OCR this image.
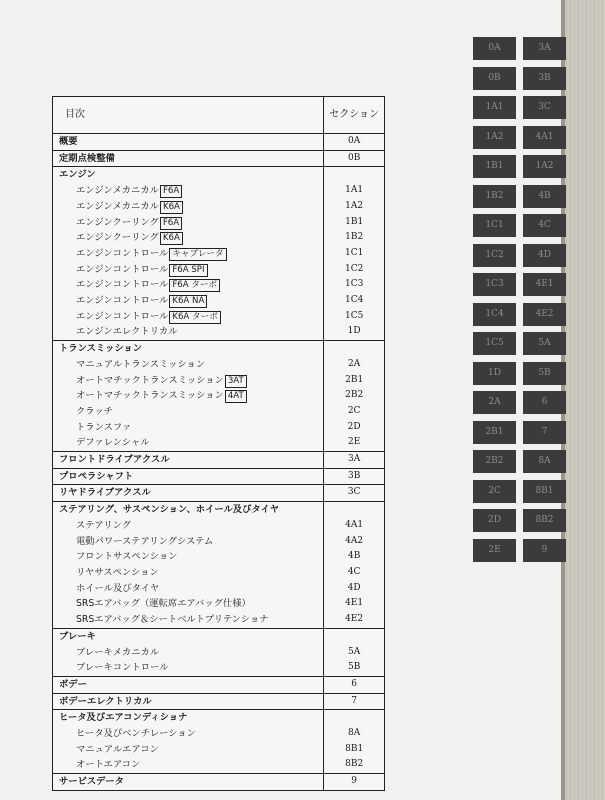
目次	セクション
概要	0A
定期点検整備	0B
エンジン	
エンジンメカニカル F6A	1A1
エンジンメカニカル K6A	1A2
エンジンクーリング F6A	1B1
エンジンクーリング K6A	1B2
エンジンコントロール キャブレータ	1C1
エンジンコントロール F6A SPI	1C2
エンジンコントロール F6A ターボ	1C3
エンジンコントロール K6A NA	1C4
エンジンコントロール K6A ターボ	1C5
エンジンエレクトリカル	1D
トランスミッション	
マニュアルトランスミッション	2A
オートマチックトランスミッション 3AT	2B1
オートマチックトランスミッション 4AT	2B2
クラッチ	2C
トランスファ	2D
デファレンシャル	2E
フロントドライブアクスル	3A
プロペラシャフト	3B
リヤドライブアクスル	3C
ステアリング、サスペンション、ホイール及びタイヤ	
ステアリング	4A1
電動パワーステアリングシステム	4A2
フロントサスペンション	4B
リヤサスペンション	4C
ホイール及びタイヤ	4D
SRSエアバッグ（運転席エアバッグ仕様）	4E1
SRSエアバッグ＆シートベルトプリテンショナ	4E2
ブレーキ	
ブレーキメカニカル	5A
ブレーキコントロール	5B
ボデー	6
ボデーエレクトリカル	7
ヒータ及びエアコンディショナ	
ヒータ及びベンチレーション	8A
マニュアルエアコン	8B1
オートエアコン	8B2
サービスデータ	9
0A	3A
0B	3B
1A1	3C
1A2	4A1
1B1	1A2
1B2	4B
1C1	4C
1C2	4D
1C3	4E1
1C4	4E2
1C5	5A
1D	5B
2A	6
2B1	7
2B2	8A
2C	8B1
2D	8B2
2E	9
